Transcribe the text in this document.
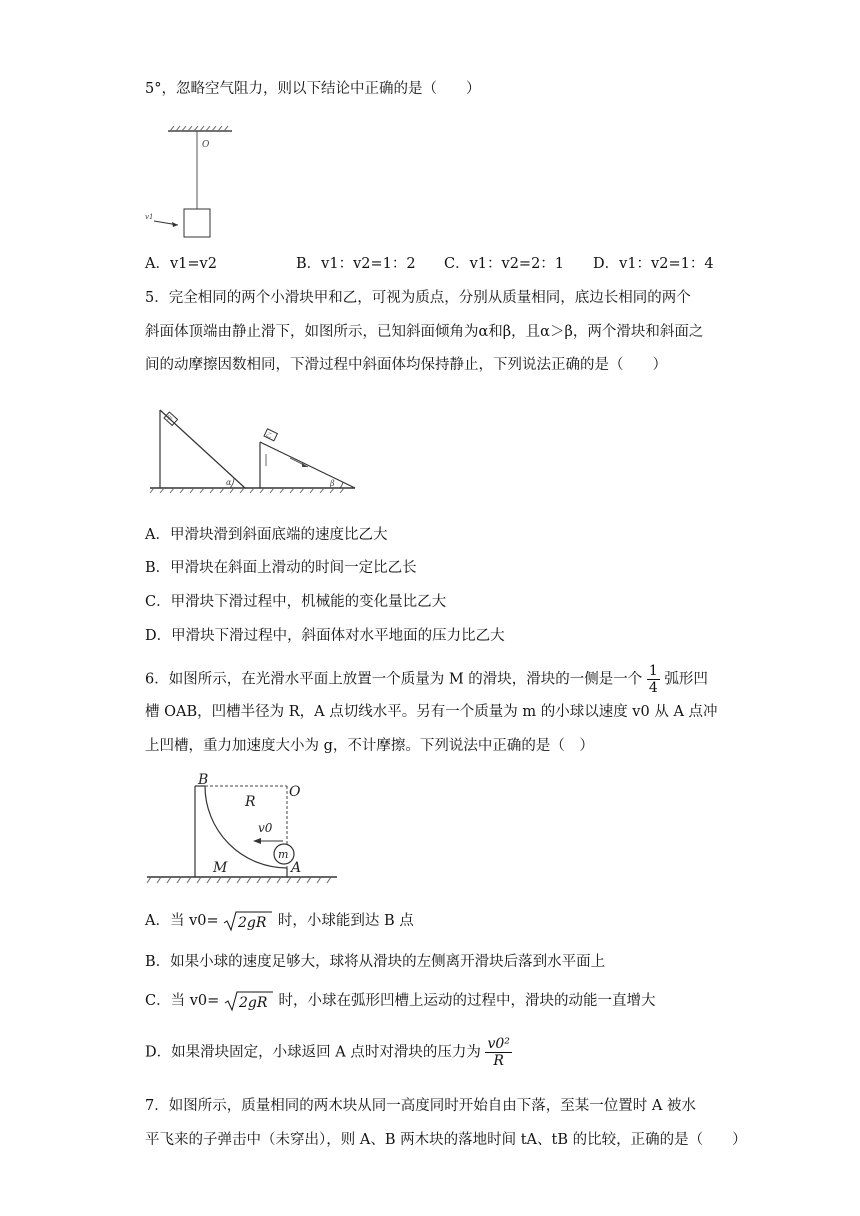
5°，忽略空气阻力，则以下结论中正确的是（　　）
O
v1
A．v1=v2	B．v1：v2=1：2 C．v1：v2=2：1 D．v1：v2=1：4
5．完全相同的两个小滑块甲和乙，可视为质点，分别从质量相同，底边长相同的两个
斜面体顶端由静止滑下，如图所示，已知斜面倾角为α和β，且α＞β，两个滑块和斜面之
间的动摩擦因数相同，下滑过程中斜面体均保持静止，下列说法正确的是（　　）
甲
α
乙
β
A．甲滑块滑到斜面底端的速度比乙大
B．甲滑块在斜面上滑动的时间一定比乙长
C．甲滑块下滑过程中，机械能的变化量比乙大
D．甲滑块下滑过程中，斜面体对水平地面的压力比乙大
6．如图所示，在光滑水平面上放置一个质量为 M 的滑块，滑块的一侧是一个 $\frac{1}{4}$ 弧形凹
槽 OAB，凹槽半径为 R，A 点切线水平。另有一个质量为 m 的小球以速度 v0 从 A 点冲
上凹槽，重力加速度大小为 g，不计摩擦。下列说法中正确的是（　）
m
v0
B
O
R
M	A
A．当 v0= 2gR 时，小球能到达 B 点
B．如果小球的速度足够大，球将从滑块的左侧离开滑块后落到水平面上
C．当 v0= 2gR 时，小球在弧形凹槽上运动的过程中，滑块的动能一直增大
D．如果滑块固定，小球返回 A 点时对滑块的压力为 $\frac{\text{v0²}}{R}$
7．如图所示，质量相同的两木块从同一高度同时开始自由下落，至某一位置时 A 被水
平飞来的子弹击中（未穿出），则 A、B 两木块的落地时间 tA、tB 的比较，正确的是（　　）
